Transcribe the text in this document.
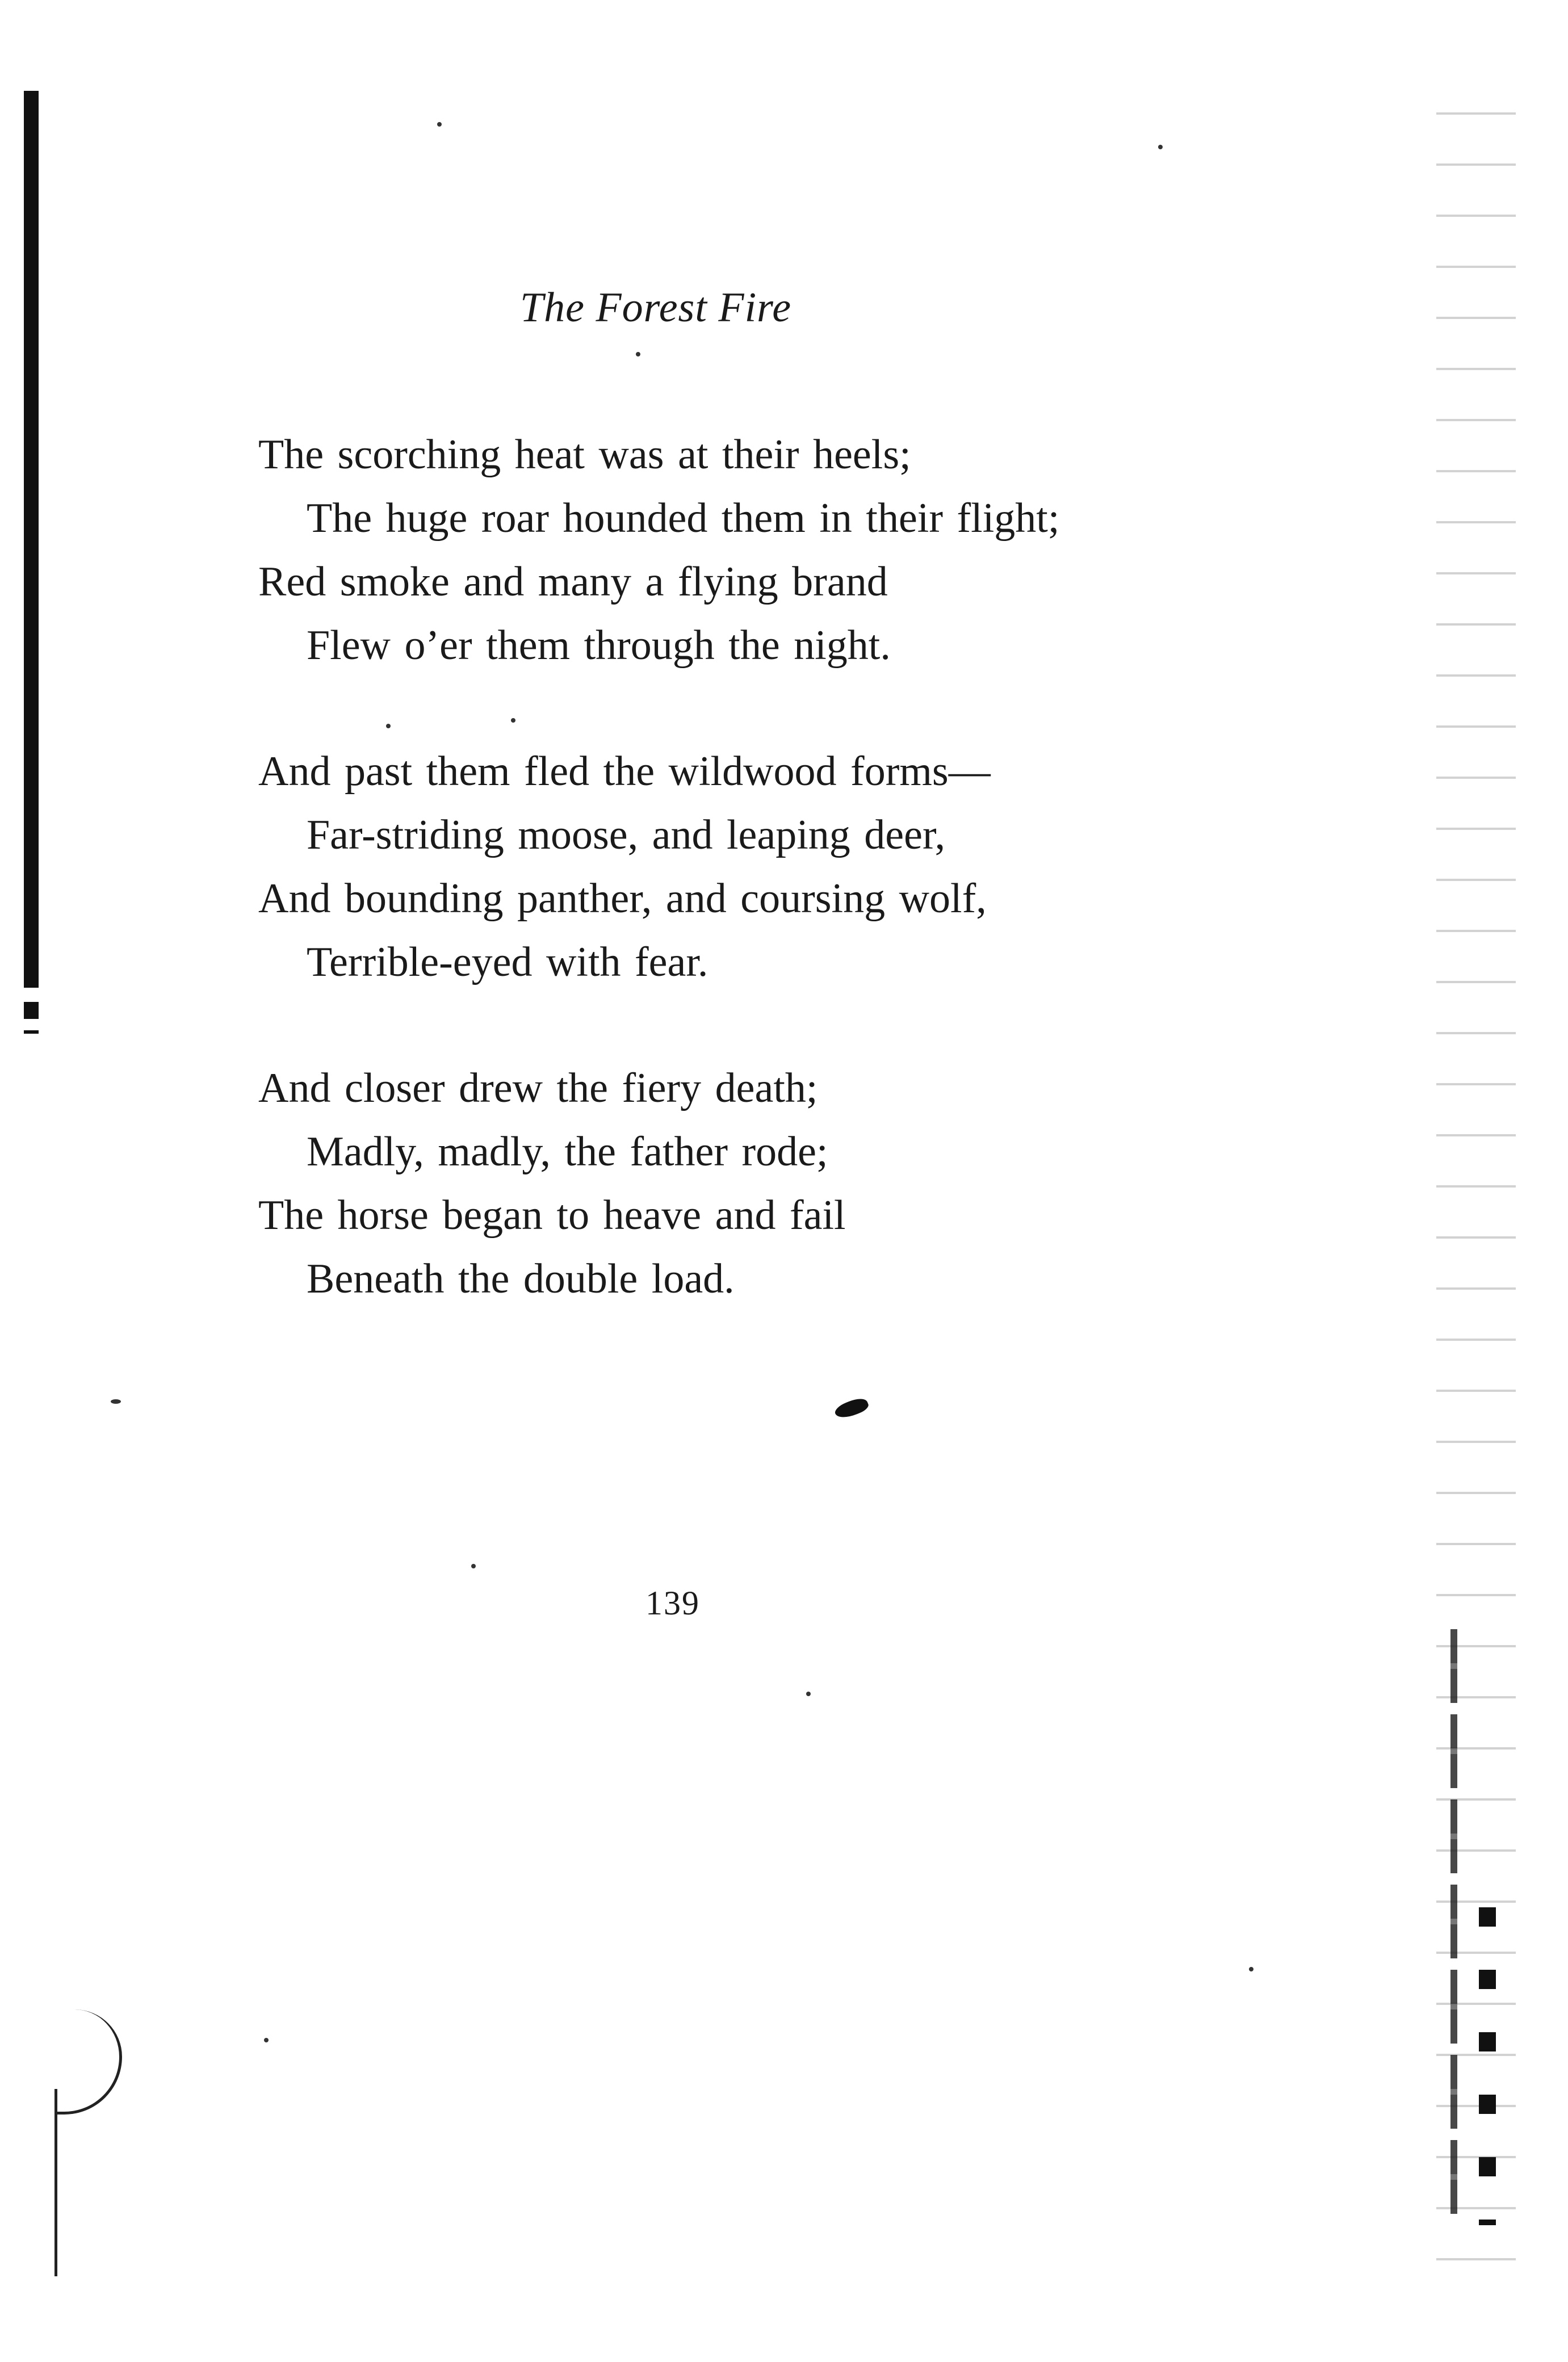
The Forest Fire
The scorching heat was at their heels;
The huge roar hounded them in their flight;
Red smoke and many a flying brand
Flew o’er them through the night.
And past them fled the wildwood forms—
Far-striding moose, and leaping deer,
And bounding panther, and coursing wolf,
Terrible-eyed with fear.
And closer drew the fiery death;
Madly, madly, the father rode;
The horse began to heave and fail
Beneath the double load.
139
